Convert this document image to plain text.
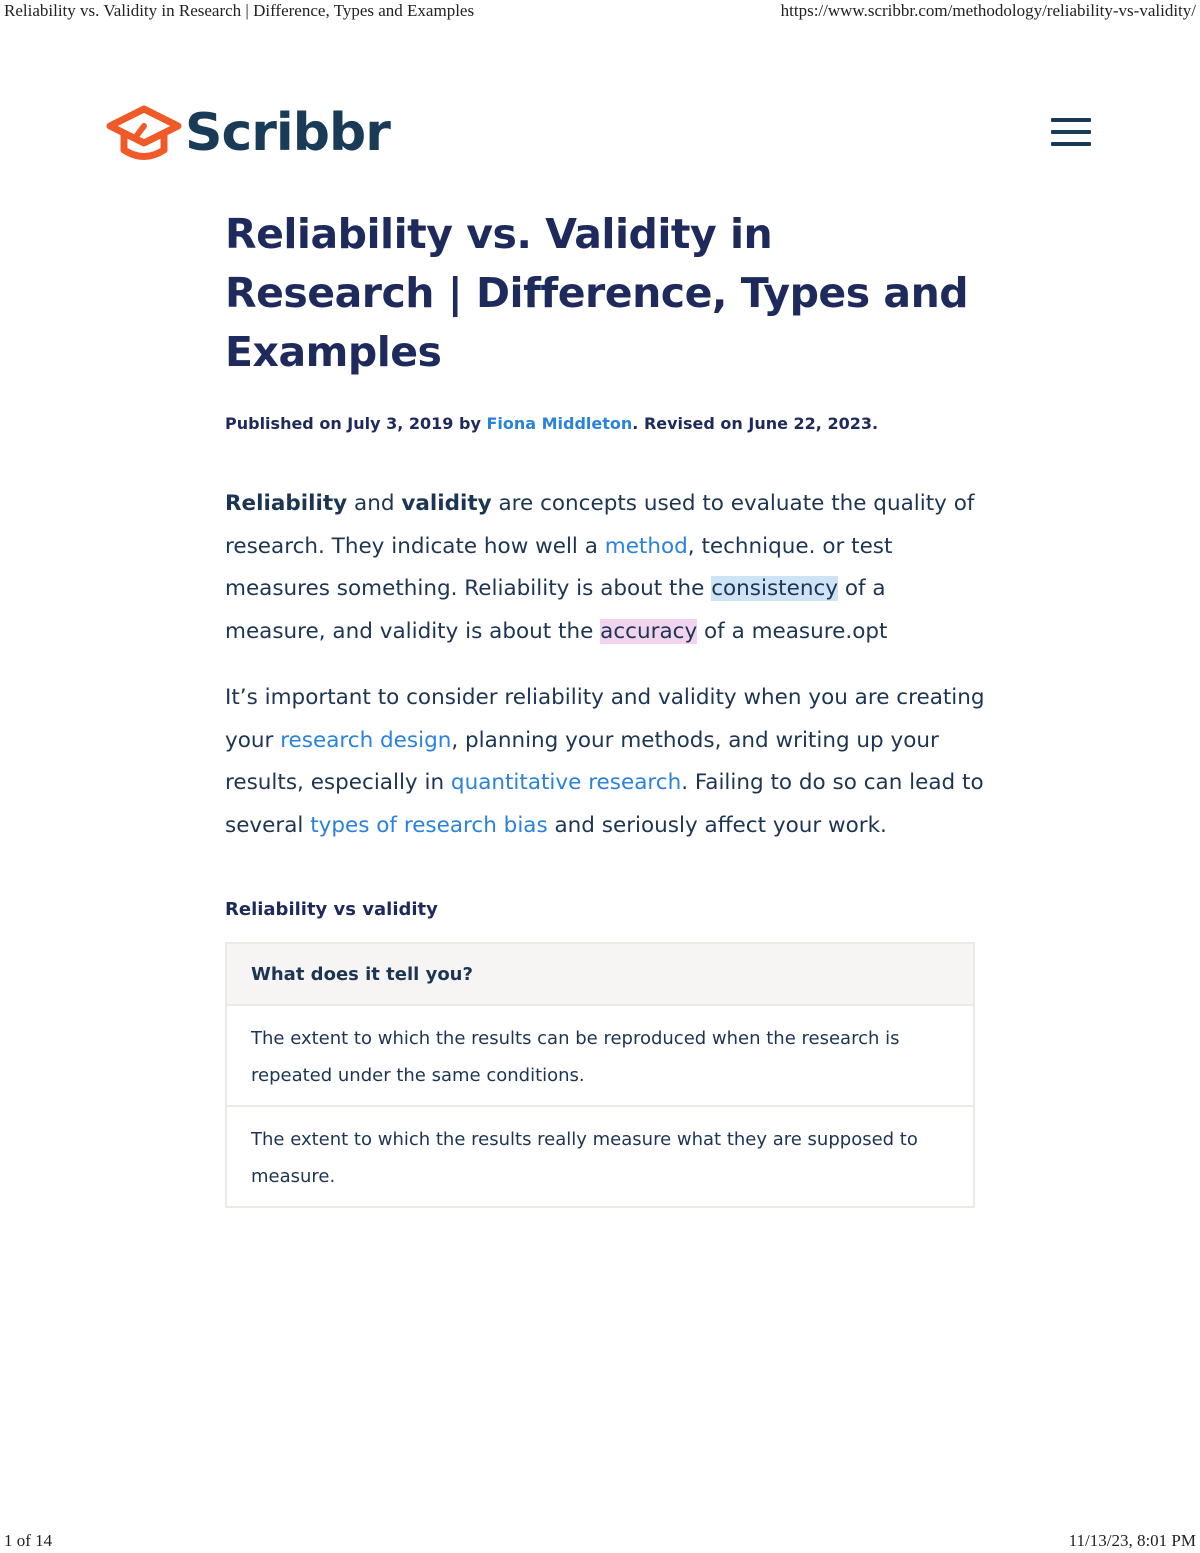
Reliability vs. Validity in Research | Difference, Types and Examples	https://www.scribbr.com/methodology/reliability-vs-validity/
Scribbr
Reliability vs. Validity in Research | Difference, Types and Examples
Published on July 3, 2019 by Fiona Middleton. Revised on June 22, 2023.

Reliability and validity are concepts used to evaluate the quality of research. They indicate how well a method, technique. or test measures something. Reliability is about the consistency of a measure, and validity is about the accuracy of a measure.opt

It’s important to consider reliability and validity when you are creating your research design, planning your methods, and writing up your results, especially in quantitative research. Failing to do so can lead to several types of research bias and seriously affect your work.

Reliability vs validity
What does it tell you?
The extent to which the results can be reproduced when the research is repeated under the same conditions.
The extent to which the results really measure what they are supposed to measure.
1 of 14	11/13/23, 8:01 PM
